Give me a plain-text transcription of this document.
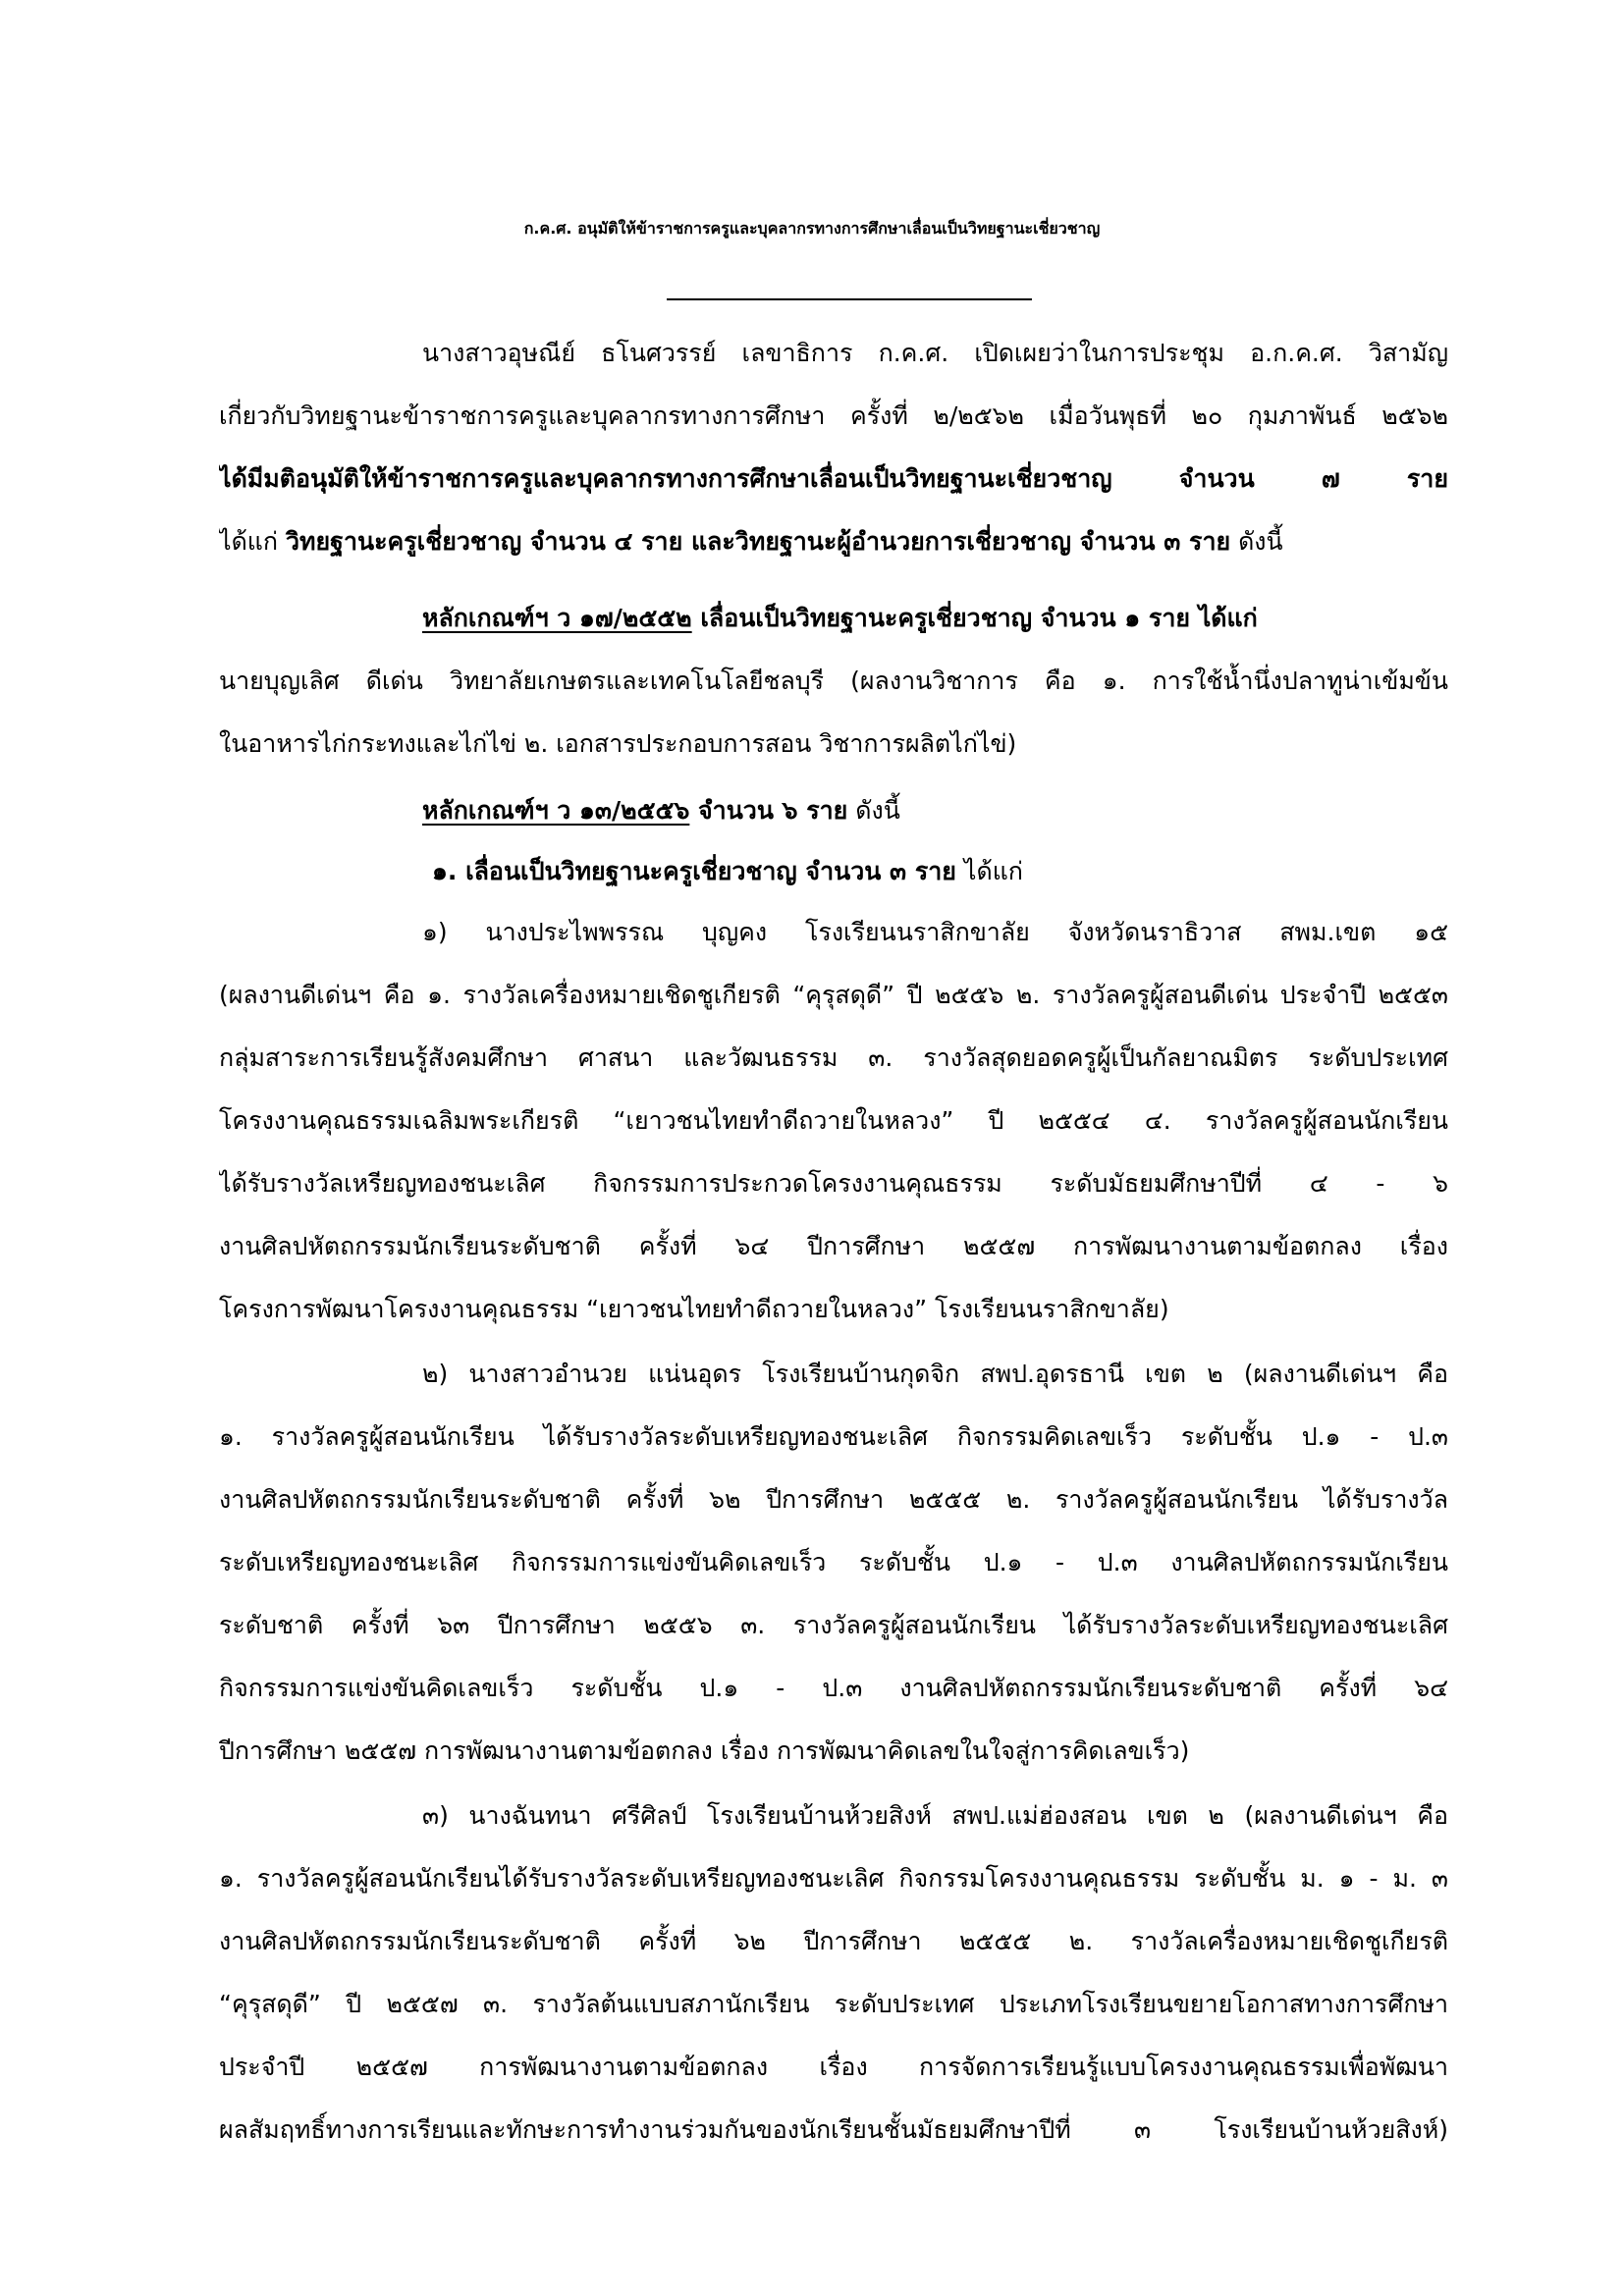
ก.ค.ศ. อนุมัติให้ข้าราชการครูและบุคลากรทางการศึกษาเลื่อนเป็นวิทยฐานะเชี่ยวชาญ
นางสาวอุษณีย์ ธโนศวรรย์ เลขาธิการ ก.ค.ศ. เปิดเผยว่าในการประชุม อ.ก.ค.ศ. วิสามัญ
เกี่ยวกับวิทยฐานะข้าราชการครูและบุคลากรทางการศึกษา ครั้งที่ ๒/๒๕๖๒ เมื่อวันพุธที่ ๒๐ กุมภาพันธ์ ๒๕๖๒
ได้มีมติอนุมัติให้ข้าราชการครูและบุคลากรทางการศึกษาเลื่อนเป็นวิทยฐานะเชี่ยวชาญ จำนวน ๗ ราย
ได้แก่ วิทยฐานะครูเชี่ยวชาญ จำนวน ๔ ราย และวิทยฐานะผู้อำนวยการเชี่ยวชาญ จำนวน ๓ ราย ดังนี้
หลักเกณฑ์ฯ ว ๑๗/๒๕๕๒ เลื่อนเป็นวิทยฐานะครูเชี่ยวชาญ จำนวน ๑ ราย ได้แก่
นายบุญเลิศ ดีเด่น วิทยาลัยเกษตรและเทคโนโลยีชลบุรี (ผลงานวิชาการ คือ ๑. การใช้น้ำนึ่งปลาทูน่าเข้มข้น
ในอาหารไก่กระทงและไก่ไข่ ๒. เอกสารประกอบการสอน วิชาการผลิตไก่ไข่)
หลักเกณฑ์ฯ ว ๑๓/๒๕๕๖ จำนวน ๖ ราย ดังนี้
๑. เลื่อนเป็นวิทยฐานะครูเชี่ยวชาญ จำนวน ๓ ราย ได้แก่
๑) นางประไพพรรณ บุญคง โรงเรียนนราสิกขาลัย จังหวัดนราธิวาส สพม.เขต ๑๕
(ผลงานดีเด่นฯ คือ ๑. รางวัลเครื่องหมายเชิดชูเกียรติ “คุรุสดุดี” ปี ๒๕๕๖ ๒. รางวัลครูผู้สอนดีเด่น ประจำปี ๒๕๕๓
กลุ่มสาระการเรียนรู้สังคมศึกษา ศาสนา และวัฒนธรรม ๓. รางวัลสุดยอดครูผู้เป็นกัลยาณมิตร ระดับประเทศ
โครงงานคุณธรรมเฉลิมพระเกียรติ “เยาวชนไทยทำดีถวายในหลวง” ปี ๒๕๕๔ ๔. รางวัลครูผู้สอนนักเรียน
ได้รับรางวัลเหรียญทองชนะเลิศ กิจกรรมการประกวดโครงงานคุณธรรม ระดับมัธยมศึกษาปีที่ ๔ - ๖
งานศิลปหัตถกรรมนักเรียนระดับชาติ ครั้งที่ ๖๔ ปีการศึกษา ๒๕๕๗ การพัฒนางานตามข้อตกลง เรื่อง
โครงการพัฒนาโครงงานคุณธรรม “เยาวชนไทยทำดีถวายในหลวง” โรงเรียนนราสิกขาลัย)
๒) นางสาวอำนวย แน่นอุดร โรงเรียนบ้านกุดจิก สพป.อุดรธานี เขต ๒ (ผลงานดีเด่นฯ คือ
๑. รางวัลครูผู้สอนนักเรียน ได้รับรางวัลระดับเหรียญทองชนะเลิศ กิจกรรมคิดเลขเร็ว ระดับชั้น ป.๑ - ป.๓
งานศิลปหัตถกรรมนักเรียนระดับชาติ ครั้งที่ ๖๒ ปีการศึกษา ๒๕๕๕ ๒. รางวัลครูผู้สอนนักเรียน ได้รับรางวัล
ระดับเหรียญทองชนะเลิศ กิจกรรมการแข่งขันคิดเลขเร็ว ระดับชั้น ป.๑ - ป.๓ งานศิลปหัตถกรรมนักเรียน
ระดับชาติ ครั้งที่ ๖๓ ปีการศึกษา ๒๕๕๖ ๓. รางวัลครูผู้สอนนักเรียน ได้รับรางวัลระดับเหรียญทองชนะเลิศ
กิจกรรมการแข่งขันคิดเลขเร็ว ระดับชั้น ป.๑ - ป.๓ งานศิลปหัตถกรรมนักเรียนระดับชาติ ครั้งที่ ๖๔
ปีการศึกษา ๒๕๕๗ การพัฒนางานตามข้อตกลง เรื่อง การพัฒนาคิดเลขในใจสู่การคิดเลขเร็ว)
๓) นางฉันทนา ศรีศิลป์ โรงเรียนบ้านห้วยสิงห์ สพป.แม่ฮ่องสอน เขต ๒ (ผลงานดีเด่นฯ คือ
๑. รางวัลครูผู้สอนนักเรียนได้รับรางวัลระดับเหรียญทองชนะเลิศ กิจกรรมโครงงานคุณธรรม ระดับชั้น ม. ๑ - ม. ๓
งานศิลปหัตถกรรมนักเรียนระดับชาติ ครั้งที่ ๖๒ ปีการศึกษา ๒๕๕๕ ๒. รางวัลเครื่องหมายเชิดชูเกียรติ
“คุรุสดุดี” ปี ๒๕๕๗ ๓. รางวัลต้นแบบสภานักเรียน ระดับประเทศ ประเภทโรงเรียนขยายโอกาสทางการศึกษา
ประจำปี ๒๕๕๗ การพัฒนางานตามข้อตกลง เรื่อง การจัดการเรียนรู้แบบโครงงานคุณธรรมเพื่อพัฒนา
ผลสัมฤทธิ์ทางการเรียนและทักษะการทำงานร่วมกันของนักเรียนชั้นมัธยมศึกษาปีที่ ๓ โรงเรียนบ้านห้วยสิงห์)
